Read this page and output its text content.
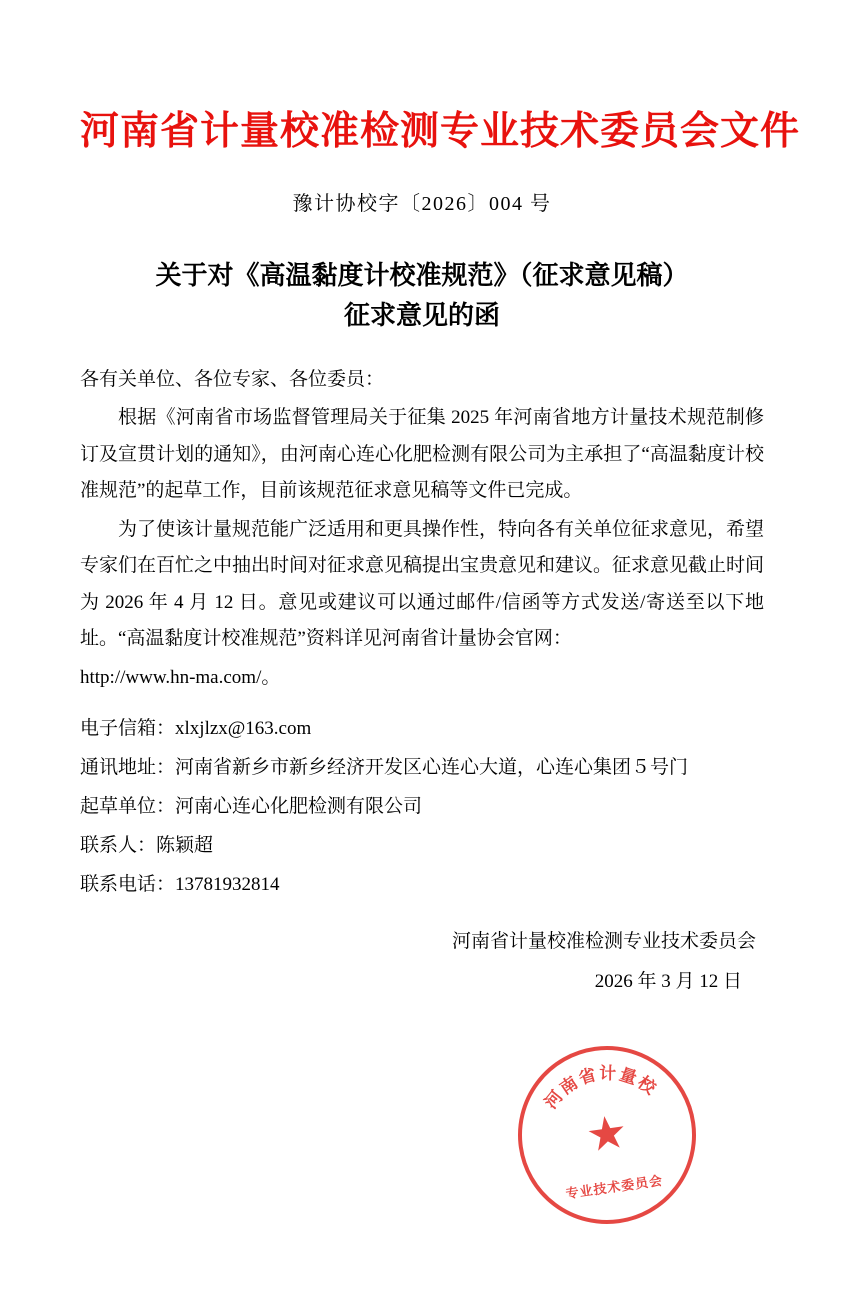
河南省计量校准检测专业技术委员会文件
豫计协校字〔2026〕004 号
关于对《高温黏度计校准规范》（征求意见稿）
征求意见的函
各有关单位、各位专家、各位委员：

根据《河南省市场监督管理局关于征集 2025 年河南省地方计量技术规范制修订及宣贯计划的通知》，由河南心连心化肥检测有限公司为主承担了“高温黏度计校准规范”的起草工作，目前该规范征求意见稿等文件已完成。

为了使该计量规范能广泛适用和更具操作性，特向各有关单位征求意见，希望专家们在百忙之中抽出时间对征求意见稿提出宝贵意见和建议。征求意见截止时间为 2026 年 4 月 12 日。意见或建议可以通过邮件/信函等方式发送/寄送至以下地址。“高温黏度计校准规范”资料详见河南省计量协会官网：

http://www.hn-ma.com/。

电子信箱：xlxjlzx@163.com
通讯地址：河南省新乡市新乡经济开发区心连心大道，心连心集团５号门
起草单位：河南心连心化肥检测有限公司
联系人：陈颖超
联系电话：13781932814
河南省计量校准检测专业技术委员会
2026 年 3 月 12 日
河南省计量校
★
专业技术委员会
